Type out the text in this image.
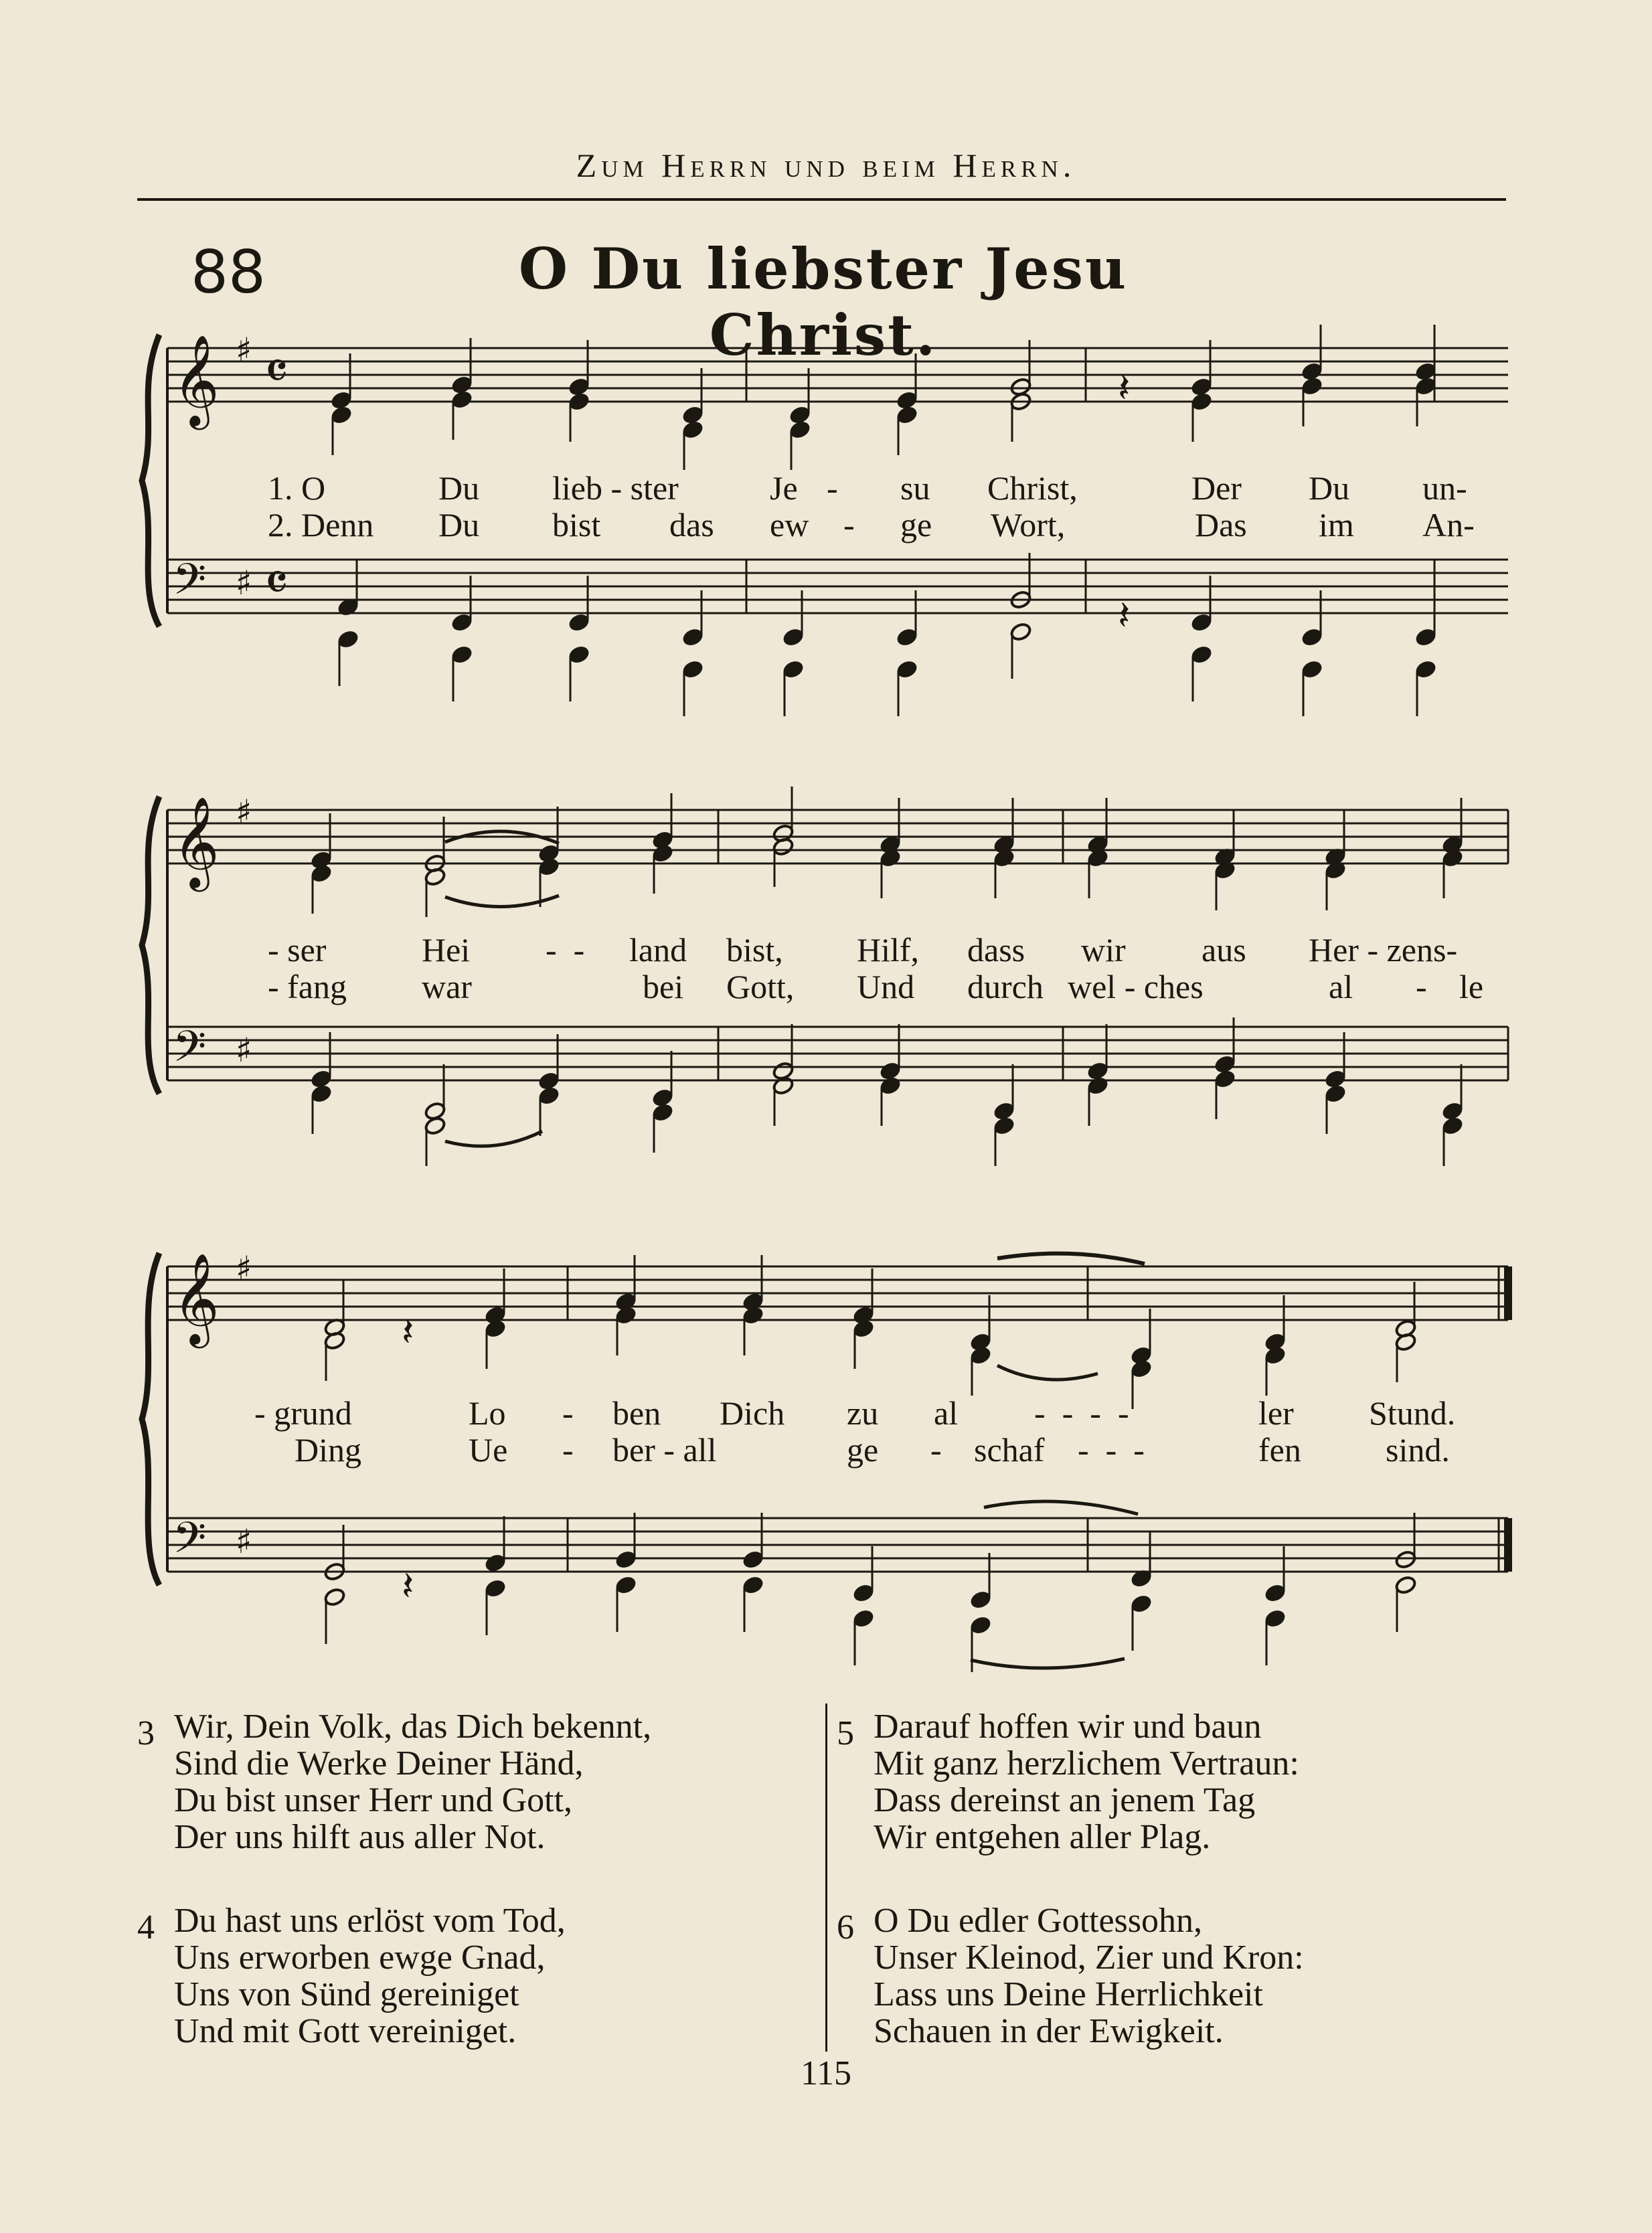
Zum Herrn und beim Herrn.
88	O Du liebster Jesu Christ.
𝄞
𝄢
♯
♯
𝄴
𝄴
𝄞
𝄢
♯
♯
𝄞
𝄢
♯
♯
𝄽
𝄽
𝄽
𝄽
1. O	Du lieb - ster	Je - su Christ,	Der Du un-
2. Denn Du bist das ew - ge Wort,	Das im An-
- ser	Hei -  - land bist, Hilf, dass wir aus Her - zens-
- fang war	bei Gott, Und durch wel - ches	al - le
- grund	Lo - ben Dich zu al -  -  -  -	ler Stund.
Ding	Ue - ber - all	ge - schaf -  -  -	fen	sind.
3 Wir, Dein Volk, das Dich bekennt,
Sind die Werke Deiner Händ,
Du bist unser Herr und Gott,
Der uns hilft aus aller Not.
4 Du hast uns erlöst vom Tod,
Uns erworben ewge Gnad,
Uns von Sünd gereiniget
Und mit Gott vereiniget.
5 Darauf hoffen wir und baun
Mit ganz herzlichem Vertraun:
Dass dereinst an jenem Tag
Wir entgehen aller Plag.
6 O Du edler Gottessohn,
Unser Kleinod, Zier und Kron:
Lass uns Deine Herrlichkeit
Schauen in der Ewigkeit.
115
